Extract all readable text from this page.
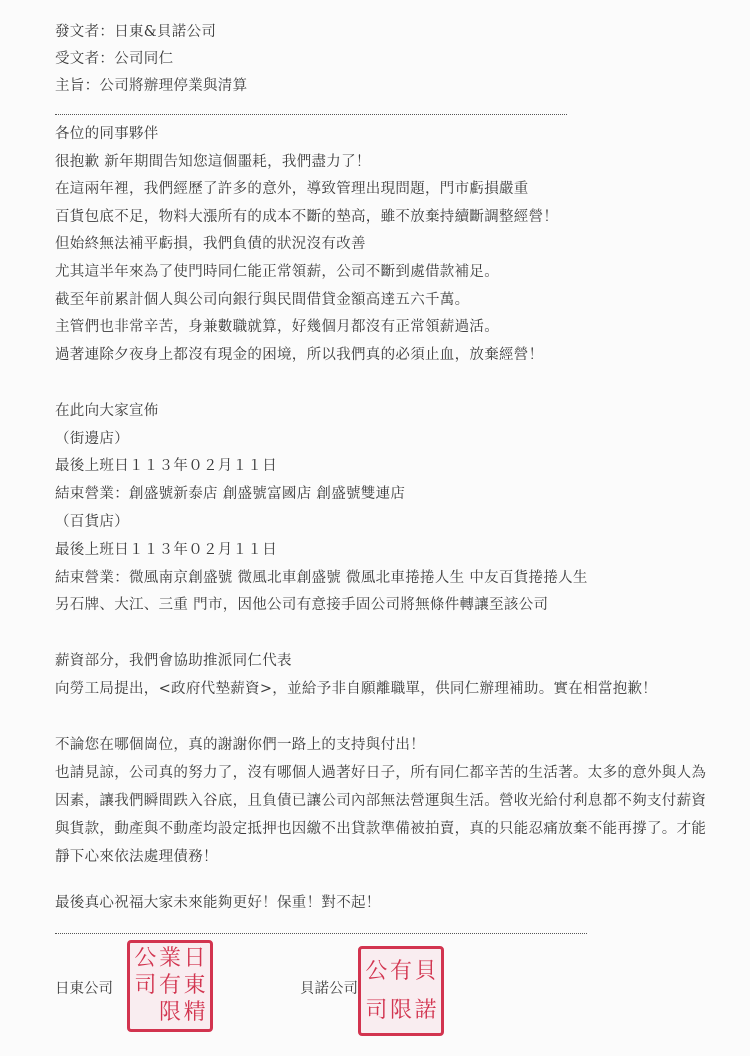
發文者：日東&貝諾公司
受文者：公司同仁
主旨：公司將辦理停業與清算
各位的同事夥伴
很抱歉 新年期間告知您這個噩耗，我們盡力了！
在這兩年裡，我們經歷了許多的意外，導致管理出現問題，門市虧損嚴重
百貨包底不足，物料大漲所有的成本不斷的墊高，雖不放棄持續斷調整經營！
但始終無法補平虧損，我們負債的狀況沒有改善
尤其這半年來為了使門時同仁能正常領薪，公司不斷到處借款補足。
截至年前累計個人與公司向銀行與民間借貸金額高達五六千萬。
主管們也非常辛苦，身兼數職就算，好幾個月都沒有正常領薪過活。
過著連除夕夜身上都沒有現金的困境，所以我們真的必須止血，放棄經營！
在此向大家宣佈
（街邊店）
最後上班日１１３年０２月１１日
結束營業：創盛號新泰店 創盛號富國店 創盛號雙連店
（百貨店）
最後上班日１１３年０２月１１日
結束營業：微風南京創盛號 微風北車創盛號 微風北車捲捲人生 中友百貨捲捲人生
另石牌、大江、三重 門市，因他公司有意接手固公司將無條件轉讓至該公司
薪資部分，我們會協助推派同仁代表
向勞工局提出，<政府代墊薪資>，並給予非自願離職單，供同仁辦理補助。實在相當抱歉！
不論您在哪個崗位，真的謝謝你們一路上的支持與付出！
也請見諒，公司真的努力了，沒有哪個人過著好日子，所有同仁都辛苦的生活著。太多的意外與人為
因素，讓我們瞬間跌入谷底，且負債已讓公司內部無法營運與生活。營收光給付利息都不夠支付薪資
與貨款，動產與不動產均設定抵押也因繳不出貸款準備被拍賣，真的只能忍痛放棄不能再撐了。才能
靜下心來依法處理債務！
最後真心祝福大家未來能夠更好！保重！對不起！
日東公司
日
東
精
業
有
限
公
司	貝諾公司
貝
諾
有
限
公
司
